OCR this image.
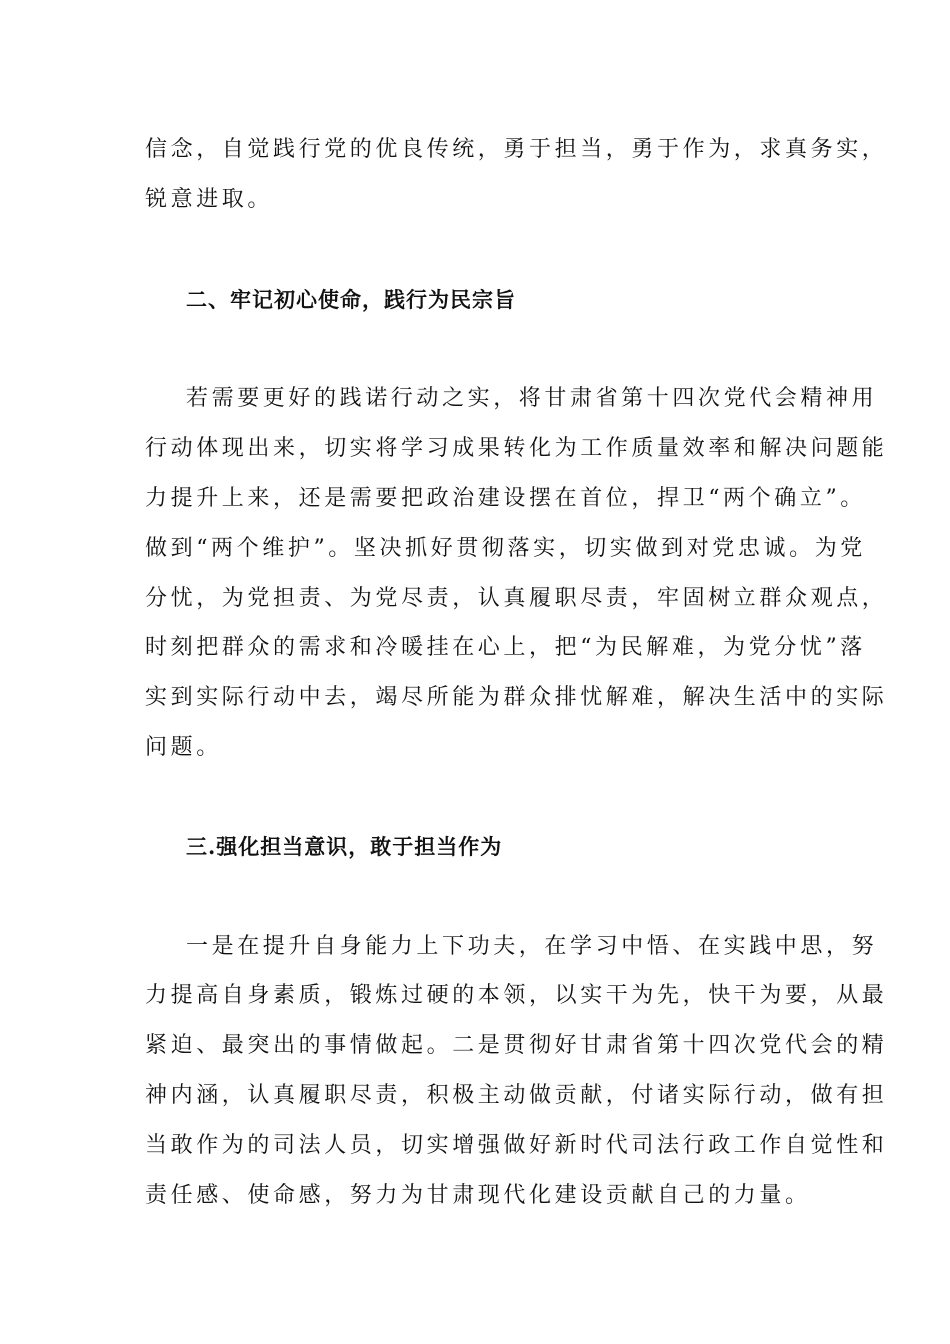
信念，自觉践行党的优良传统，勇于担当，勇于作为，求真务实，
锐意进取。
二、牢记初心使命，践行为民宗旨
若需要更好的践诺行动之实，将甘肃省第十四次党代会精神用
行动体现出来，切实将学习成果转化为工作质量效率和解决问题能
力提升上来，还是需要把政治建设摆在首位，捍卫“两个确立”。
做到“两个维护”。坚决抓好贯彻落实，切实做到对党忠诚。为党
分忧，为党担责、为党尽责，认真履职尽责，牢固树立群众观点，
时刻把群众的需求和冷暖挂在心上，把“为民解难，为党分忧”落
实到实际行动中去，竭尽所能为群众排忧解难，解决生活中的实际
问题。
三.强化担当意识，敢于担当作为
一是在提升自身能力上下功夫，在学习中悟、在实践中思，努
力提高自身素质，锻炼过硬的本领，以实干为先，快干为要，从最
紧迫、最突出的事情做起。二是贯彻好甘肃省第十四次党代会的精
神内涵，认真履职尽责，积极主动做贡献，付诸实际行动，做有担
当敢作为的司法人员，切实增强做好新时代司法行政工作自觉性和
责任感、使命感，努力为甘肃现代化建设贡献自己的力量。
